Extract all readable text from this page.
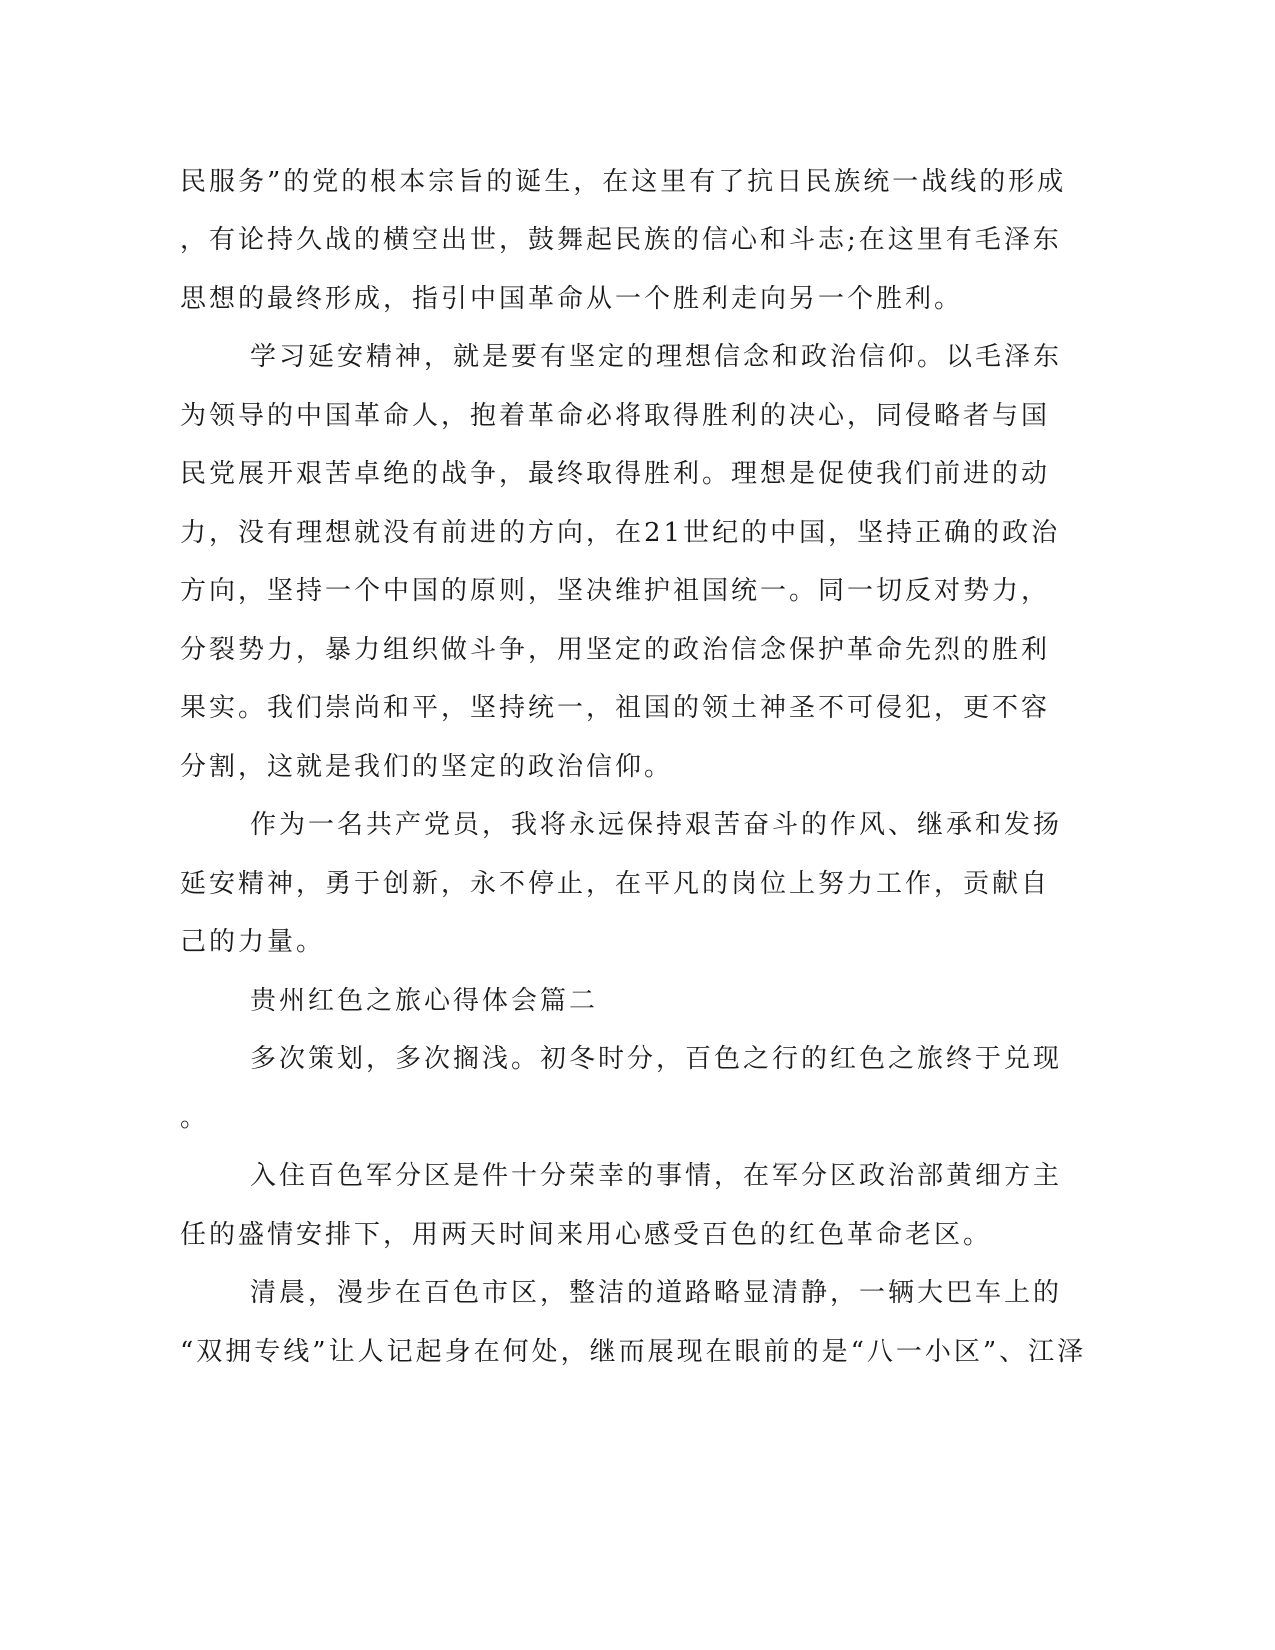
民服务”的党的根本宗旨的诞生，在这里有了抗日民族统一战线的形成
，有论持久战的横空出世，鼓舞起民族的信心和斗志;在这里有毛泽东
思想的最终形成，指引中国革命从一个胜利走向另一个胜利。
学习延安精神，就是要有坚定的理想信念和政治信仰。以毛泽东
为领导的中国革命人，抱着革命必将取得胜利的决心，同侵略者与国
民党展开艰苦卓绝的战争，最终取得胜利。理想是促使我们前进的动
力，没有理想就没有前进的方向，在21世纪的中国，坚持正确的政治
方向，坚持一个中国的原则，坚决维护祖国统一。同一切反对势力，
分裂势力，暴力组织做斗争，用坚定的政治信念保护革命先烈的胜利
果实。我们崇尚和平，坚持统一，祖国的领土神圣不可侵犯，更不容
分割，这就是我们的坚定的政治信仰。
作为一名共产党员，我将永远保持艰苦奋斗的作风、继承和发扬
延安精神，勇于创新，永不停止，在平凡的岗位上努力工作，贡献自
己的力量。
贵州红色之旅心得体会篇二
多次策划，多次搁浅。初冬时分，百色之行的红色之旅终于兑现
。
入住百色军分区是件十分荣幸的事情，在军分区政治部黄细方主
任的盛情安排下，用两天时间来用心感受百色的红色革命老区。
清晨，漫步在百色市区，整洁的道路略显清静，一辆大巴车上的
“双拥专线”让人记起身在何处，继而展现在眼前的是“八一小区”、江泽
